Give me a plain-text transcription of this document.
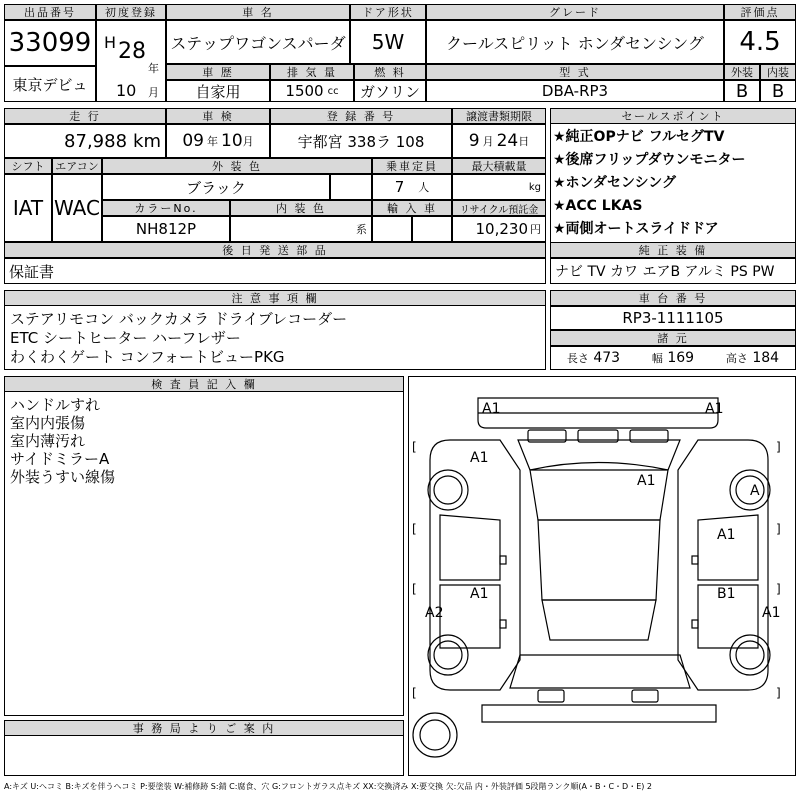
出品番号
33099
東京デビュ
初度登録
H 28
年
10 月
車 名
ステップワゴンスパーダ
ドア形状
5W
グレード
クールスピリット ホンダセンシング
評価点
4.5
車 歴
自家用
排 気 量
1500 cc
燃 料
ガソリン
型 式
DBA-RP3
外装
B
内装
B
走 行
87,988 km
車 検
09 年 10 月
登 録 番 号
宇都宮 338ラ 108
譲渡書類期限
9 月 24 日
シフト
IAT
エアコン
WAC
外 装 色
ブラック
乗車定員
7 人
最大積載量
kg
カラーNo.
NH812P
内 装 色
系
輸 入 車	リサイクル預託金
10,230 円
後 日 発 送 部 品
保証書
セールスポイント
★純正OPナビ フルセグTV
★後席フリップダウンモニター
★ホンダセンシング
★ACC LKAS
★両側オートスライドドア
純 正 装 備
ナビ TV カワ エアB アルミ PS PW
注 意 事 項 欄
ステアリモコン バックカメラ ドライブレコーダー
ETC シートヒーター ハーフレザー
わくわくゲート コンフォートビューPKG
車 台 番 号
RP3-1111105
諸 元
長さ 473	幅 169	高さ 184
検 査 員 記 入 欄
ハンドルすれ
室内内張傷
室内薄汚れ
サイドミラーA
外装うすい線傷
事 務 局 よ り ご 案 内
A1	A1
A1
A1
A
A1
A1	B1
A2	A1
[	]
[	]
[	]
[	]
A:キズ U:ヘコミ B:キズを伴うヘコミ P:要塗装 W:補修跡 S:錆 C:腐食、穴 G:フロントガラス点キズ XX:交換済み X:要交換 欠:欠品 内・外装評価 5段階ランク順(A・B・C・D・E) 2
